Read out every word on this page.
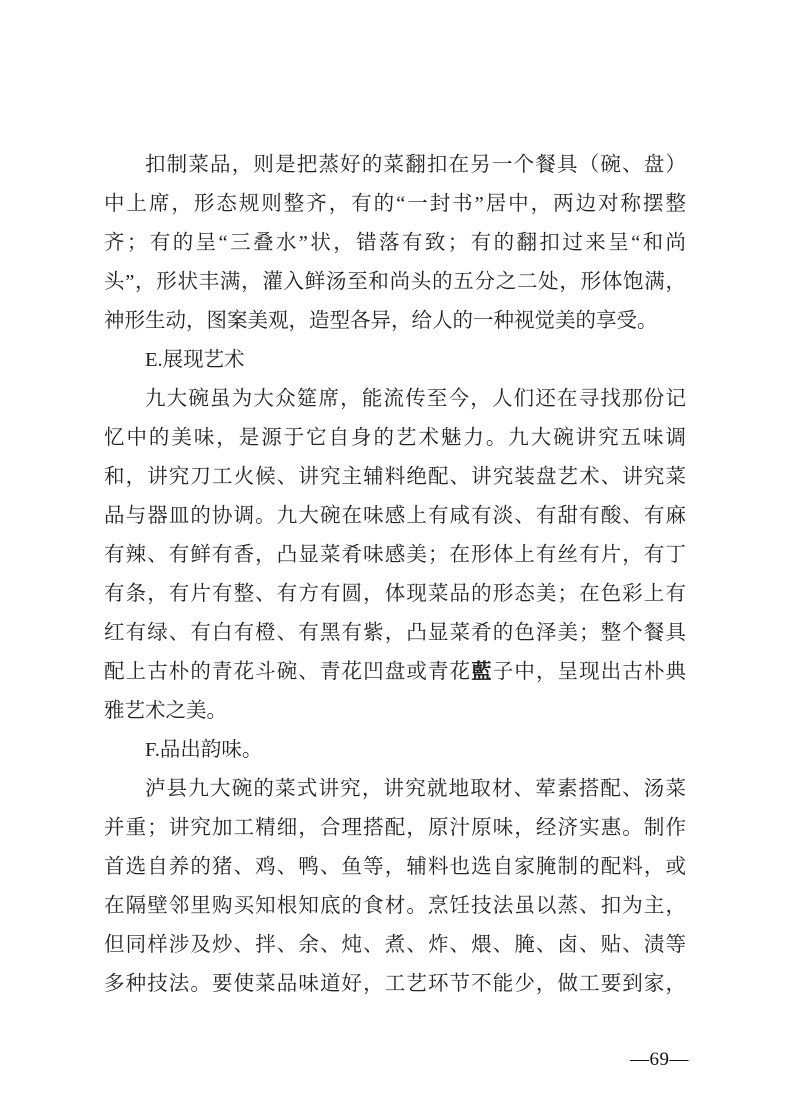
扣制菜品，则是把蒸好的菜翻扣在另一个餐具（碗、盘）
中上席，形态规则整齐，有的“一封书”居中，两边对称摆整
齐；有的呈“三叠水”状，错落有致；有的翻扣过来呈“和尚
头”，形状丰满，灌入鲜汤至和尚头的五分之二处，形体饱满，
神形生动，图案美观，造型各异，给人的一种视觉美的享受。
E.展现艺术
九大碗虽为大众筵席，能流传至今，人们还在寻找那份记
忆中的美味，是源于它自身的艺术魅力。九大碗讲究五味调
和，讲究刀工火候、讲究主辅料绝配、讲究装盘艺术、讲究菜
品与器皿的协调。九大碗在味感上有咸有淡、有甜有酸、有麻
有辣、有鲜有香，凸显菜肴味感美；在形体上有丝有片，有丁
有条，有片有整、有方有圆，体现菜品的形态美；在色彩上有
红有绿、有白有橙、有黑有紫，凸显菜肴的色泽美；整个餐具
配上古朴的青花斗碗、青花凹盘或青花藍子中，呈现出古朴典
雅艺术之美。
F.品出韵味。
泸县九大碗的菜式讲究，讲究就地取材、荤素搭配、汤菜
并重；讲究加工精细，合理搭配，原汁原味，经济实惠。制作
首选自养的猪、鸡、鸭、鱼等，辅料也选自家腌制的配料，或
在隔壁邻里购买知根知底的食材。烹饪技法虽以蒸、扣为主，
但同样涉及炒、拌、余、炖、煮、炸、煨、腌、卤、贴、渍等
多种技法。要使菜品味道好，工艺环节不能少，做工要到家，
—69—
